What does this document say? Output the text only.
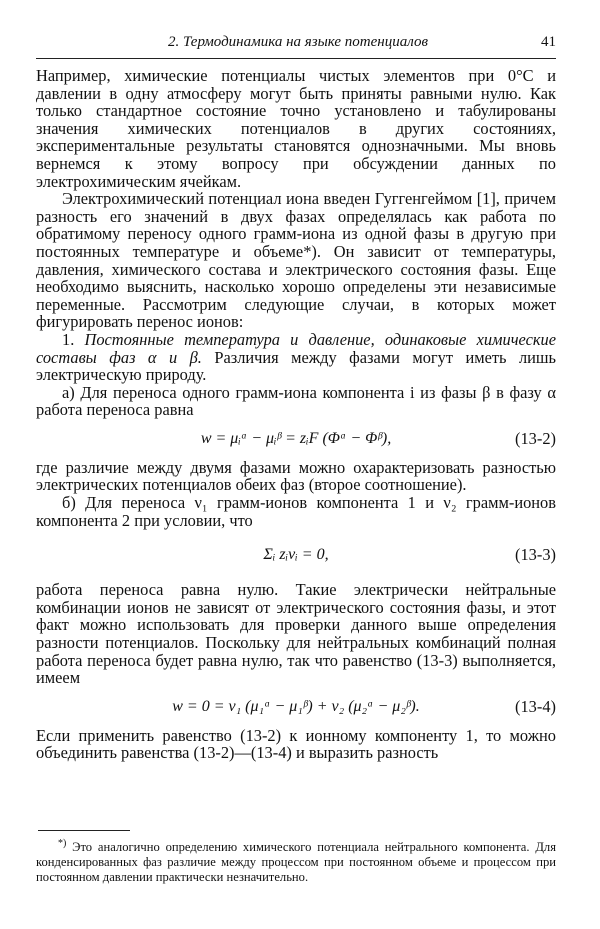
2. Термодинамика на языке потенциалов	41

Например, химические потенциалы чистых элементов при 0°С и давлении в одну атмосферу могут быть приняты равными нулю. Как только стандартное состояние точно установлено и табулированы значения химических потенциалов в других состояниях, экспериментальные результаты становятся однозначными. Мы вновь вернемся к этому вопросу при обсуждении данных по электрохимическим ячейкам.

Электрохимический потенциал иона введен Гуггенгеймом [1], причем разность его значений в двух фазах определялась как работа по обратимому переносу одного грамм-иона из одной фазы в другую при постоянных температуре и объеме*). Он зависит от температуры, давления, химического состава и электрического состояния фазы. Еще необходимо выяснить, насколько хорошо определены эти независимые переменные. Рассмотрим следующие случаи, в которых может фигурировать перенос ионов:

1. Постоянные температура и давление, одинаковые химические составы фаз α и β. Различия между фазами могут иметь лишь электрическую природу.

а) Для переноса одного грамм-иона компонента i из фазы β в фазу α работа переноса равна

w = μᵢᵅ − μᵢᵝ = zᵢF (Φᵅ − Φᵝ),	(13-2)

где различие между двумя фазами можно охарактеризовать разностью электрических потенциалов обеих фаз (второе соотношение).

б) Для переноса ν₁ грамм-ионов компонента 1 и ν₂ грамм-ионов компонента 2 при условии, что

Σᵢ zᵢνᵢ = 0,	(13-3)

работа переноса равна нулю. Такие электрически нейтральные комбинации ионов не зависят от электрического состояния фазы, и этот факт можно использовать для проверки данного выше определения разности потенциалов. Поскольку для нейтральных комбинаций полная работа переноса будет равна нулю, так что равенство (13-3) выполняется, имеем

w = 0 = ν₁ (μ₁ᵅ − μ₁ᵝ) + ν₂ (μ₂ᵅ − μ₂ᵝ).	(13-4)

Если применить равенство (13-2) к ионному компоненту 1, то можно объединить равенства (13-2)—(13-4) и выразить разность

*) Это аналогично определению химического потенциала нейтрального компонента. Для конденсированных фаз различие между процессом при постоянном объеме и процессом при постоянном давлении практически незначительно.
